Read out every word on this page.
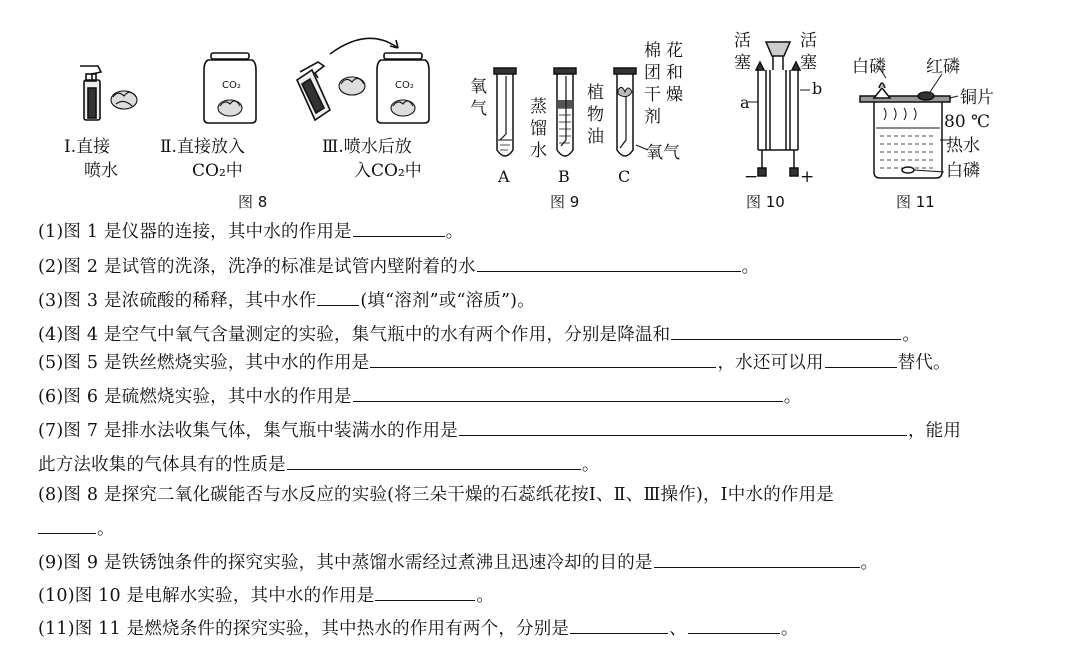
CO₂	CO₂
Ⅰ.直接
喷水
Ⅱ.直接放入
CO₂中
Ⅲ.喷水后放
入CO₂中
图 8
氧
气	蒸
馏
水
植
物
油
棉
团
干
剂
花
和
燥
氧气
A	B	C
图 9
活
塞
活
塞
a
b
− +
图 10
白磷 红磷
铜片
80 ℃
热水
白磷
图 11
(1)图 1 是仪器的连接，其中水的作用是	。
(2)图 2 是试管的洗涤，洗净的标准是试管内壁附着的水	。
(3)图 3 是浓硫酸的稀释，其中水作	(填“溶剂”或“溶质”)。
(4)图 4 是空气中氧气含量测定的实验，集气瓶中的水有两个作用，分别是降温和	。
(5)图 5 是铁丝燃烧实验，其中水的作用是	，水还可以用	替代。
(6)图 6 是硫燃烧实验，其中水的作用是	。
(7)图 7 是排水法收集气体，集气瓶中装满水的作用是	，能用
此方法收集的气体具有的性质是	。
(8)图 8 是探究二氧化碳能否与水反应的实验(将三朵干燥的石蕊纸花按Ⅰ、Ⅱ、Ⅲ操作)，Ⅰ中水的作用是
。
(9)图 9 是铁锈蚀条件的探究实验，其中蒸馏水需经过煮沸且迅速冷却的目的是	。
(10)图 10 是电解水实验，其中水的作用是	。
(11)图 11 是燃烧条件的探究实验，其中热水的作用有两个，分别是	、	。
